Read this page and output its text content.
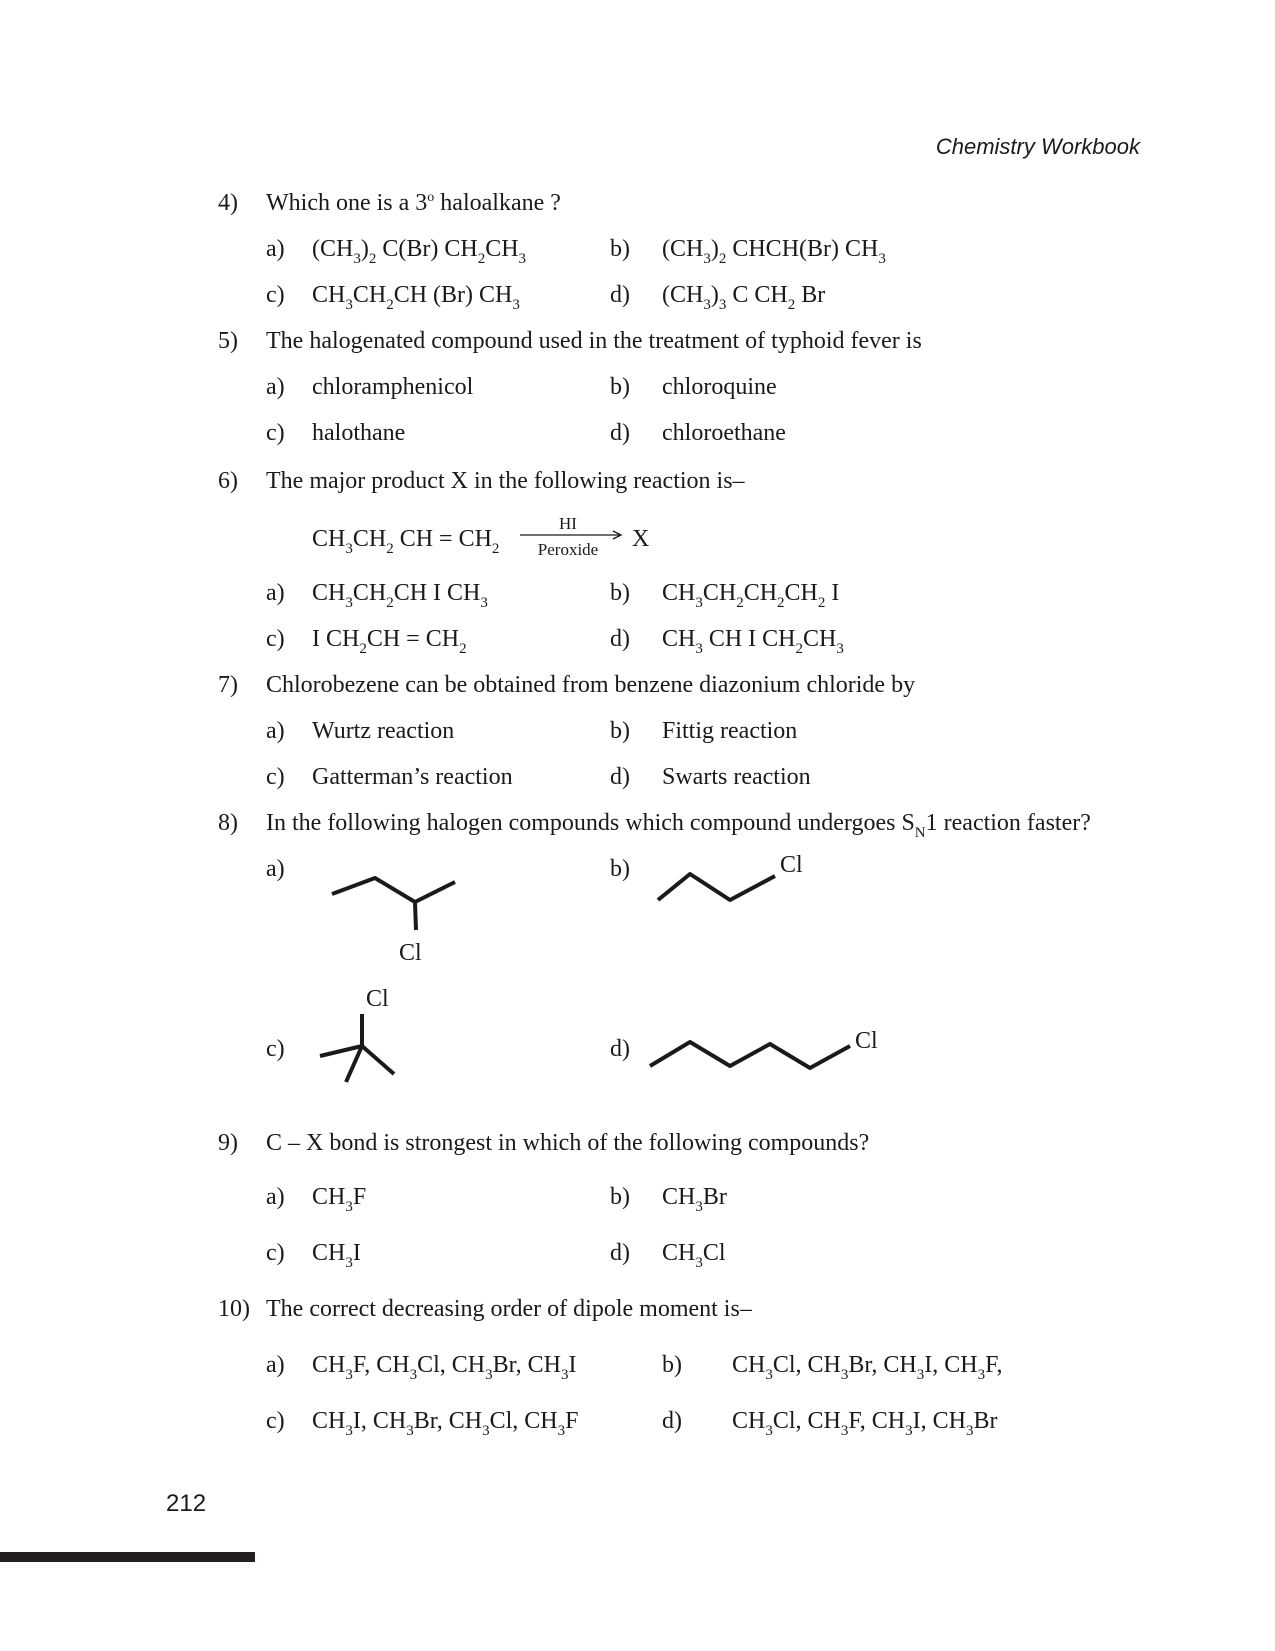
Chemistry Workbook
4) Which one is a 3$^o$ haloalkane ?
a) $(CH_3)_2$ C(Br) $CH_2CH_3$	b) $(CH_3)_2$ CHCH(Br) $CH_3$
c) $CH_3CH_2CH$ (Br) $CH_3$	d) $(CH_3)_3$ C $CH_2$ Br
5) The halogenated compound used in the treatment of typhoid fever is
a) chloramphenicol	b) chloroquine
c) halothane	d) chloroethane
6) The major product X in the following reaction is–
$CH_3CH_2$ CH = $CH_2$
HI
Peroxide	X
a) $CH_3CH_2CH$ I $CH_3$	b) $CH_3CH_2CH_2CH_2$ I
c) I $CH_2CH = CH_2$	d) $CH_3$ CH I $CH_2CH_3$
7) Chlorobezene can be obtained from benzene diazonium chloride by
a) Wurtz reaction	b) Fittig reaction
c) Gatterman’s reaction	d) Swarts reaction
8) In the following halogen compounds which compound undergoes $S_N1$ reaction faster?
a)	b)
c)	d)
Cl
Cl
Cl
Cl
9) C – X bond is strongest in which of the following compounds?
a) $CH_3F$	b) $CH_3Br$
c) $CH_3I$	d) $CH_3Cl$
10) The correct decreasing order of dipole moment is–
a) $CH_3F$, $CH_3Cl$, $CH_3Br$, $CH_3I$	b) $CH_3Cl$, $CH_3Br$, $CH_3I$, $CH_3F$,
c) $CH_3I$, $CH_3Br$, $CH_3Cl$, $CH_3F$	d) $CH_3Cl$, $CH_3F$, $CH_3I$, $CH_3Br$
212
